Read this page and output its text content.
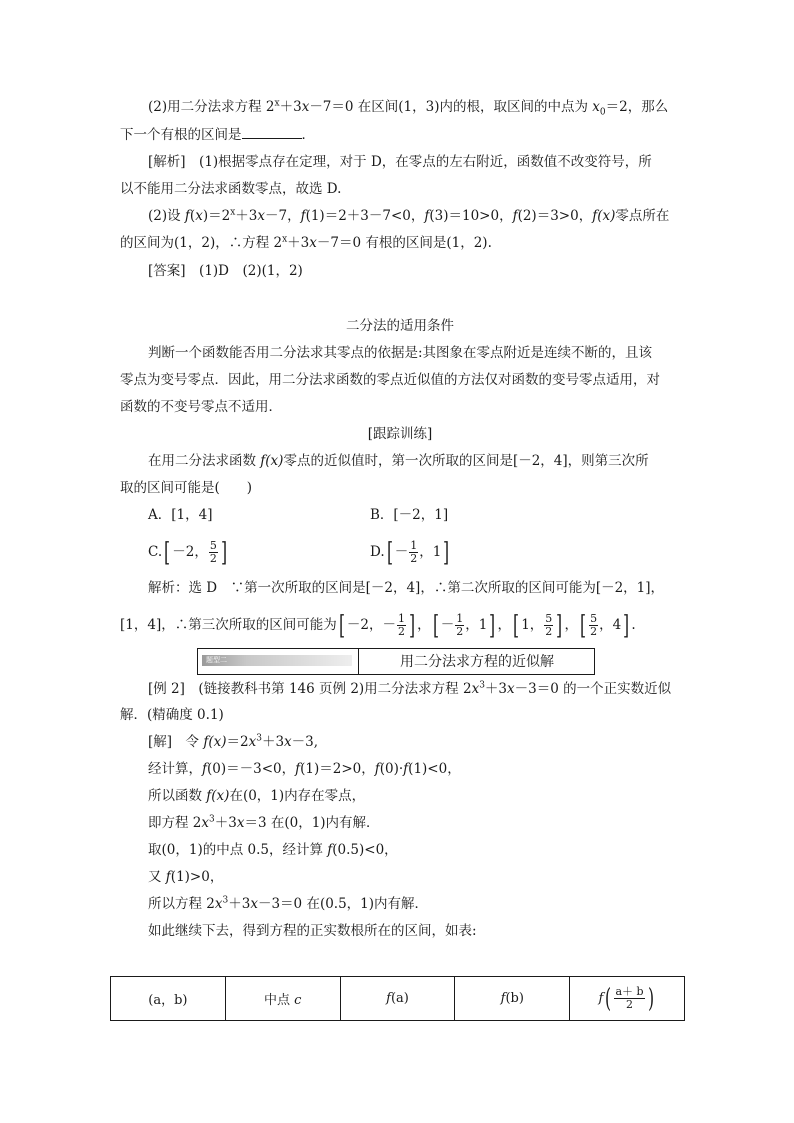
(2)用二分法求方程 $2^x+3x-7=0$ 在区间(1，3)内的根，取区间的中点为 $x_0=2$，那么
下一个有根的区间是	．
[解析]　 (1)根据零点存在定理，对于 D，在零点的左右附近，函数值不改变符号，所
以不能用二分法求函数零点，故选 D.
(2)设 $f(x)=2^x+3x-7$，f(1)＝2＋3－7<0，f(3)＝10>0，f(2)＝3>0，f(x)零点所在
的区间为(1，2)，∴方程 $2^x+3x-7=0$ 有根的区间是(1，2).
[答案]　 (1)D　(2)(1，2)
二分法的适用条件
判断一个函数能否用二分法求其零点的依据是:其图象在零点附近是连续不断的，且该
零点为变号零点．因此，用二分法求函数的零点近似值的方法仅对函数的变号零点适用，对
函数的不变号零点不适用．
[跟踪训练]
在用二分法求函数 f(x)零点的近似值时，第一次所取的区间是[－2，4]，则第三次所
取的区间可能是(　　)
A．[1，4]	B．[－2，1]
C.[ －2， $\frac{5}{2}$ ]	$D.[ - \frac{1}{2}$ ，1]
解析：选 D　∵第一次所取的区间是[－2，4]，∴第二次所取的区间可能为[－2，1]，
[1，4]，∴第三次所取的区间可能为[ －2，－ $\frac{1}{2}$ ] ，[ － $\frac{1}{2}$ ，1] ，[ 1， $\frac{5}{2}$ ] ，[ $\frac{5}{2}$ ，4] .
题型二	用二分法求方程的近似解
[例 2]　(链接教科书第 146 页例 2)用二分法求方程 $2x^3+3x-3=0$ 的一个正实数近似
解．(精确度 0.1)
[解]　 令 $f(x)=2x^3+3x-3$,
经计算，f(0)＝－3<0，f(1)＝2>0，f(0)·f(1)<0，
所以函数 f(x)在(0，1)内存在零点，
即方程 $2x^3+3x=3$ 在(0，1)内有解．
取(0，1)的中点 0.5，经计算 f(0.5)<0，
又 f(1)>0，
所以方程 $2x^3+3x-3=0$ 在(0.5，1)内有解．
如此继续下去，得到方程的正实数根所在的区间，如表:
(a，b)	中点 c	f(a)	f(b)	$f( \frac{a+ b}{2}$ )
